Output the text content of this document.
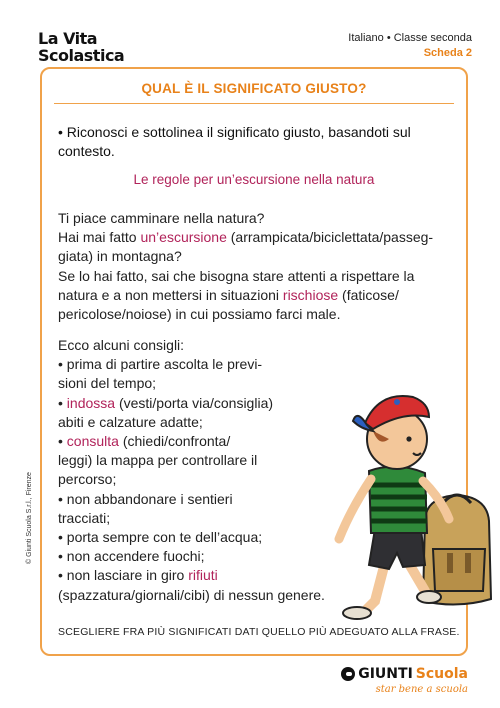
La Vita
Scolastica
Italiano • Classe seconda
Scheda 2
QUAL È IL SIGNIFICATO GIUSTO?
• Riconosci e sottolinea il significato giusto, basandoti sul contesto.
Le regole per un’escursione nella natura
Ti piace camminare nella natura?
Hai mai fatto un’escursione (arrampicata/biciclettata/passeg-
giata) in montagna?
Se lo hai fatto, sai che bisogna stare attenti a rispettare la
natura e a non mettersi in situazioni rischiose (faticose/
pericolose/noiose) in cui possiamo farci male.
Ecco alcuni consigli:
• prima di partire ascolta le previ-
sioni del tempo;
• indossa (vesti/porta via/consiglia)
abiti e calzature adatte;
• consulta (chiedi/confronta/
leggi) la mappa per controllare il
percorso;
• non abbandonare i sentieri
tracciati;
• porta sempre con te dell’acqua;
• non accendere fuochi;
• non lasciare in giro rifiuti
(spazzatura/giornali/cibi) di nessun genere.
SCEGLIERE FRA PIÙ SIGNIFICATI DATI QUELLO PIÙ ADEGUATO ALLA FRASE.
© Giunti Scuola S.r.l., Firenze
GIUNTI Scuola
star bene a scuola
